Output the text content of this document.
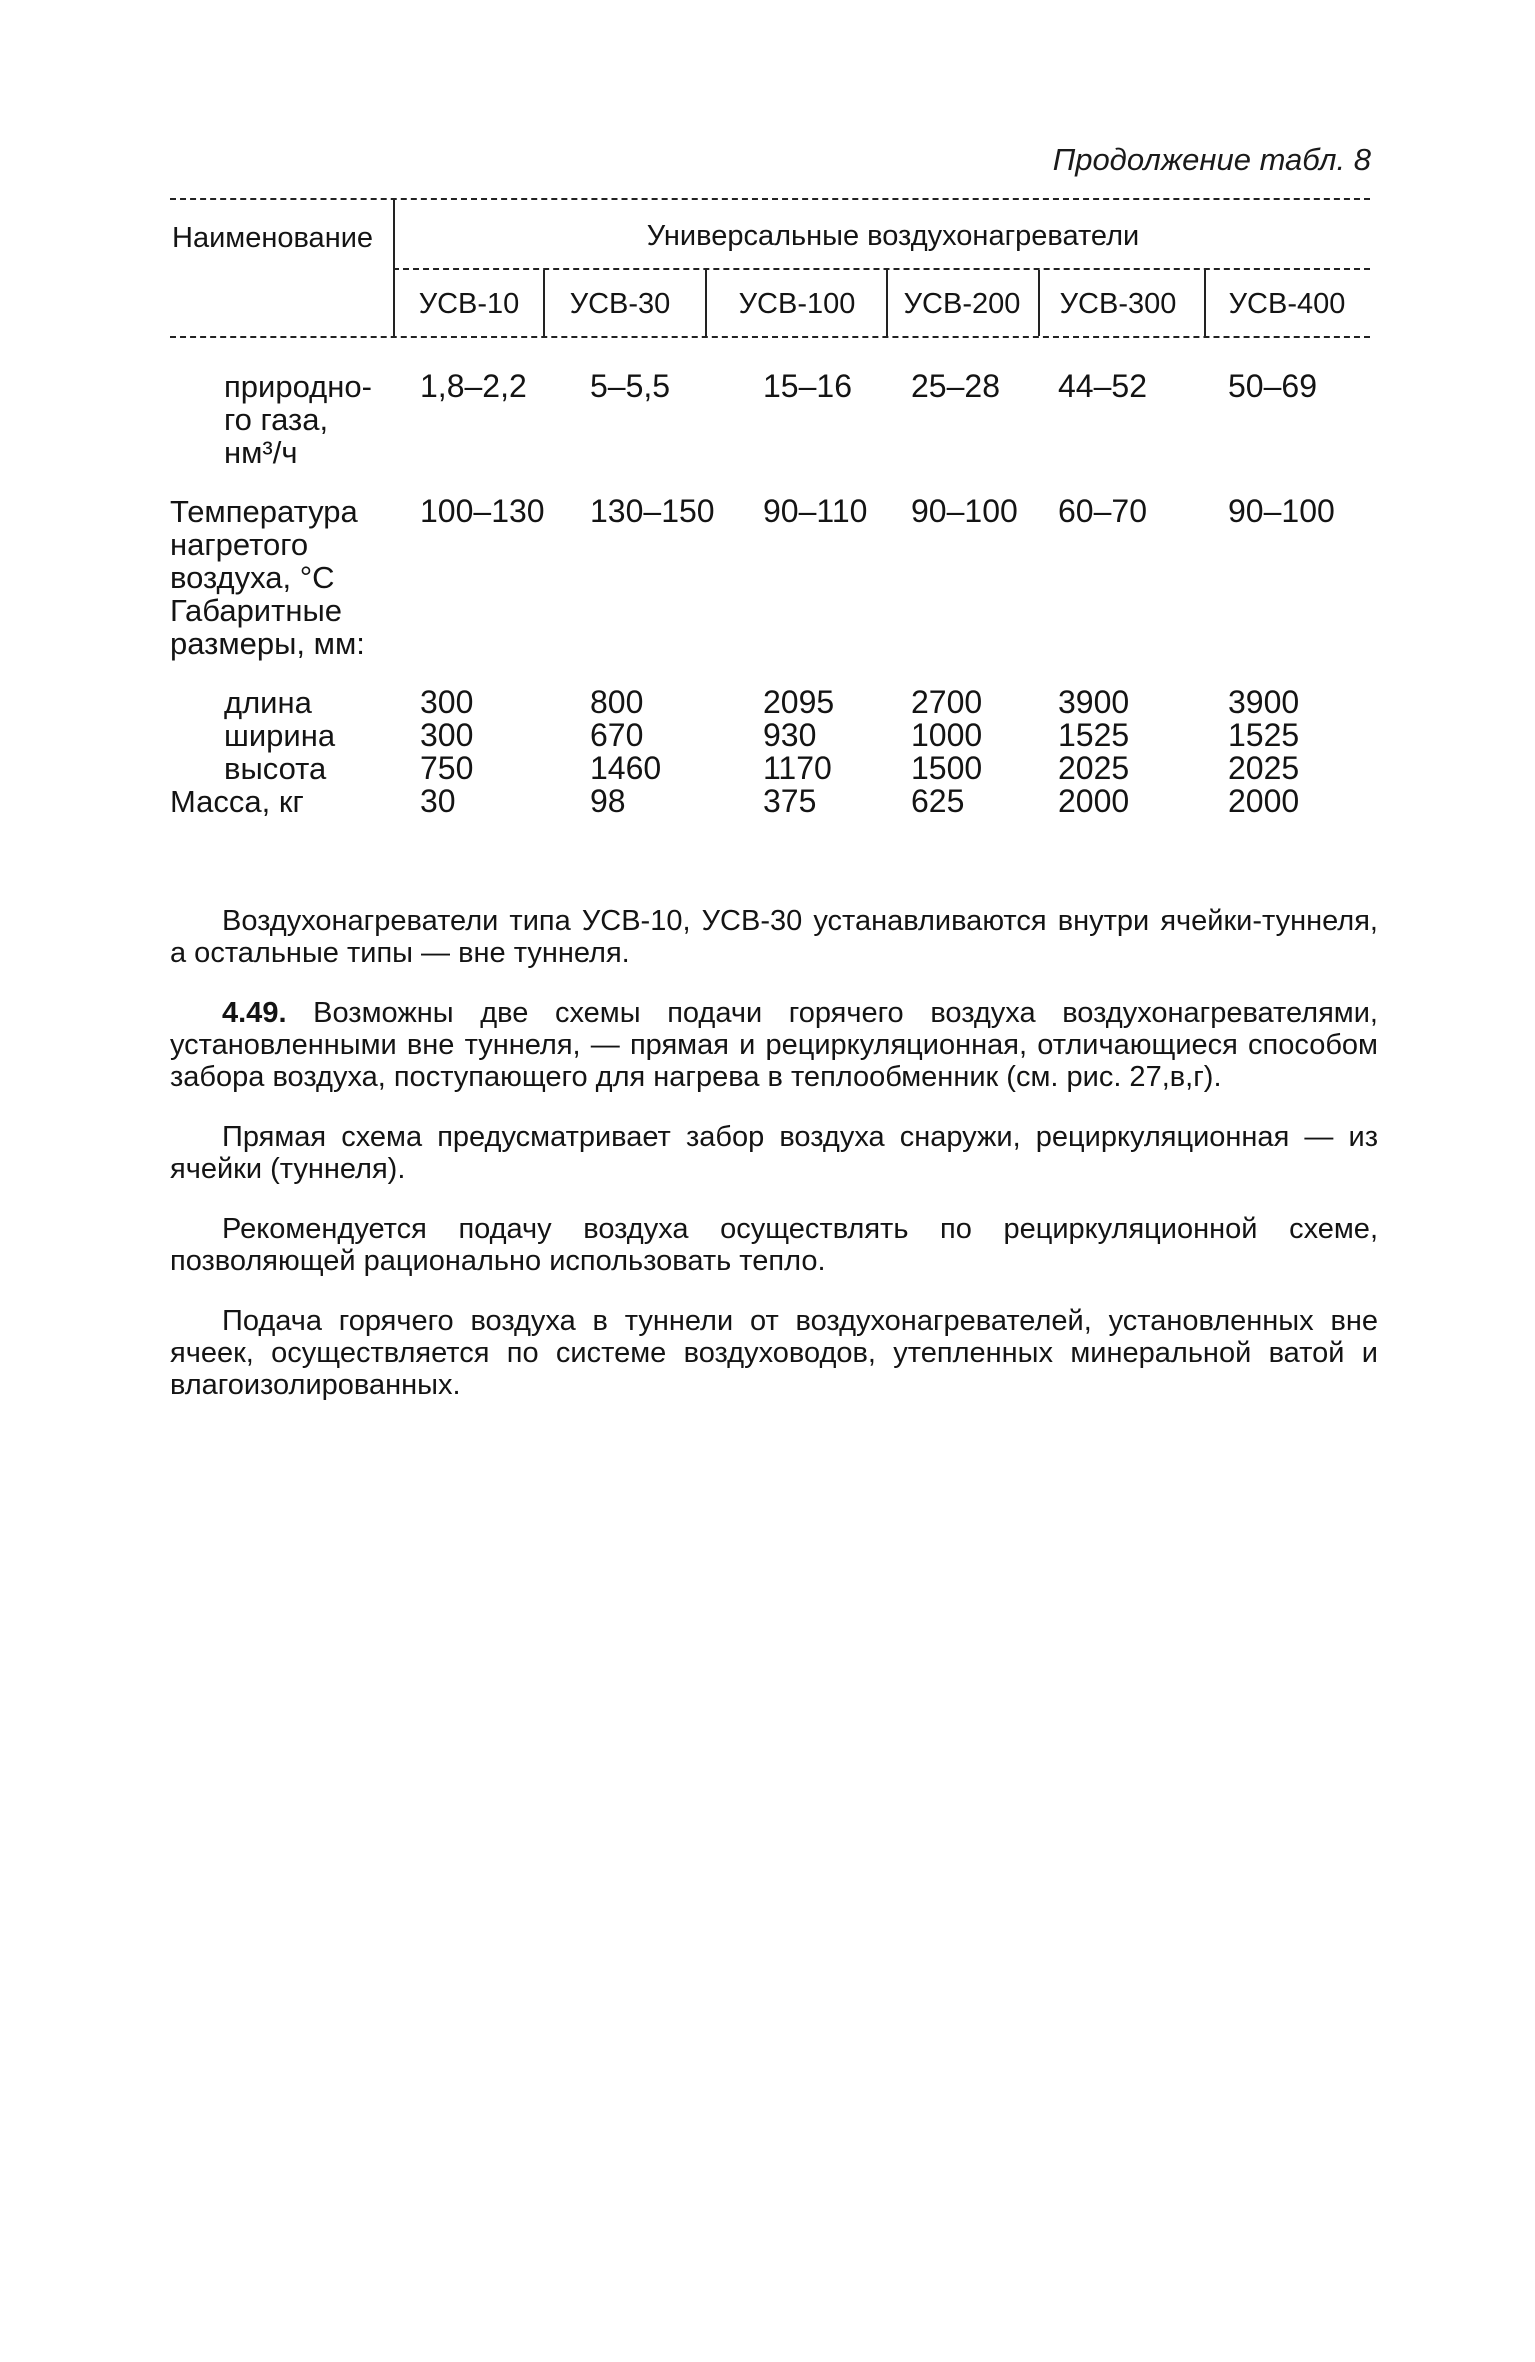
Продолжение табл. 8
Наименование	Универсальные воздухонагреватели
УСВ-10 УСВ-30 УСВ-100 УСВ-200 УСВ-300 УСВ-400
природно-
го газа,
нм³/ч	1,8–2,2	5–5,5	15–16	25–28	44–52	50–69

Температура
нагретого
воздуха, °С	100–130	130–150	90–110	90–100	60–70	90–100

Габаритные
размеры, мм:						

длина	300	800	2095	2700	3900	3900

ширина	300	670	930	1000	1525	1525

высота	750	1460	1170	1500	2025	2025
Масса, кг	30	98	375	625	2000	2000

Воздухонагреватели типа УСВ-10, УСВ-30 устанавливаются внутри ячейки-туннеля, а остальные типы — вне туннеля.

4.49. Возможны две схемы подачи горячего воздуха воздухонагревателями, установленными вне туннеля, — прямая и рециркуляционная, отличающиеся способом забора воздуха, поступающего для нагрева в теплообменник (см. рис. 27,в,г).

Прямая схема предусматривает забор воздуха снаружи, рециркуляционная — из ячейки (туннеля).

Рекомендуется подачу воздуха осуществлять по рециркуляционной схеме, позволяющей рационально использовать тепло.

Подача горячего воздуха в туннели от воздухонагревателей, установленных вне ячеек, осуществляется по системе воздуховодов, утепленных минеральной ватой и влагоизолированных.
